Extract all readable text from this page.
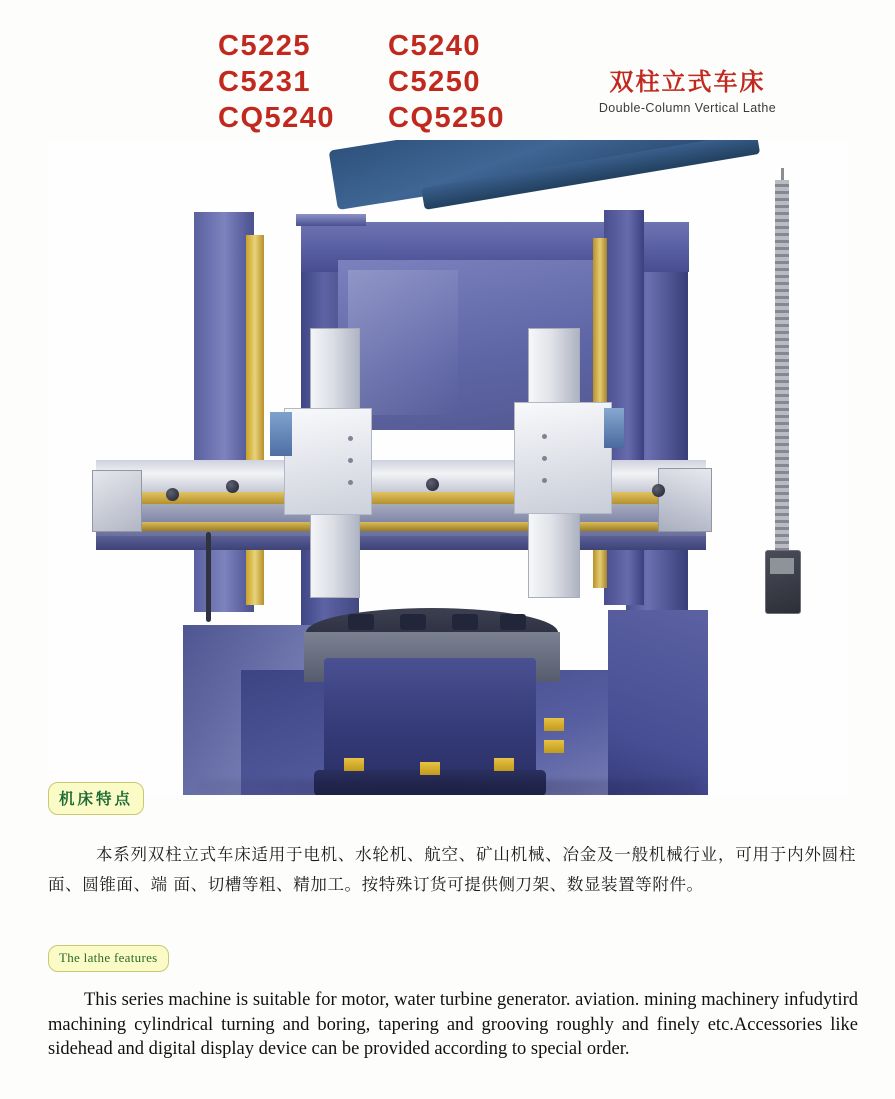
C5225	C5240
C5231	C5250
CQ5240	CQ5250
双柱立式车床
Double-Column Vertical Lathe
机床特点
本系列双柱立式车床适用于电机、水轮机、航空、矿山机械、冶金及一般机械行业，可用于内外圆柱面、圆锥面、端 面、切槽等粗、精加工。按特殊订货可提供侧刀架、数显装置等附件。
The lathe features
This series machine is suitable for motor, water turbine generator. aviation. mining machinery infudytird machining cylindrical turning and boring, tapering and grooving roughly and finely etc.Accessories like sidehead and digital display device can be provided according to special order.
